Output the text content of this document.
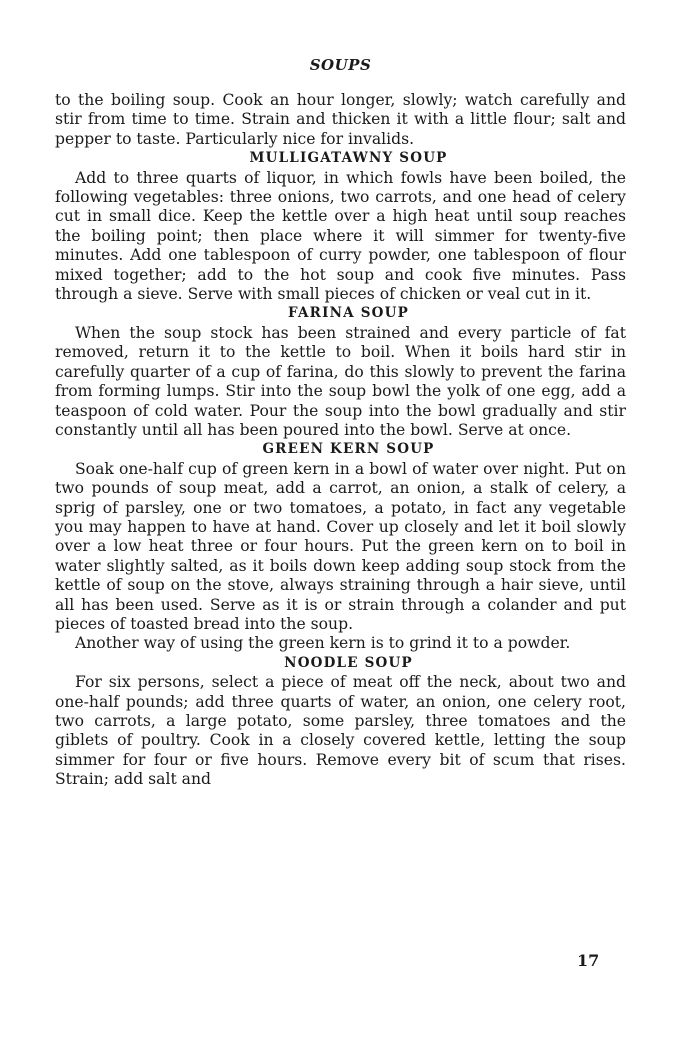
SOUPS

to the boiling soup. Cook an hour longer, slowly; watch carefully and stir from time to time. Strain and thicken it with a little flour; salt and pepper to taste. Particularly nice for invalids.

MULLIGATAWNY SOUP

Add to three quarts of liquor, in which fowls have been boiled, the following vegetables: three onions, two carrots, and one head of celery cut in small dice. Keep the kettle over a high heat until soup reaches the boiling point; then place where it will simmer for twenty-five minutes. Add one tablespoon of curry powder, one tablespoon of flour mixed together; add to the hot soup and cook five minutes. Pass through a sieve. Serve with small pieces of chicken or veal cut in it.

FARINA SOUP

When the soup stock has been strained and every particle of fat removed, return it to the kettle to boil. When it boils hard stir in carefully quarter of a cup of farina, do this slowly to prevent the farina from forming lumps. Stir into the soup bowl the yolk of one egg, add a teaspoon of cold water. Pour the soup into the bowl gradually and stir constantly until all has been poured into the bowl. Serve at once.

GREEN KERN SOUP

Soak one-half cup of green kern in a bowl of water over night. Put on two pounds of soup meat, add a carrot, an onion, a stalk of celery, a sprig of parsley, one or two tomatoes, a potato, in fact any vegetable you may happen to have at hand. Cover up closely and let it boil slowly over a low heat three or four hours. Put the green kern on to boil in water slightly salted, as it boils down keep adding soup stock from the kettle of soup on the stove, always straining through a hair sieve, until all has been used. Serve as it is or strain through a colander and put pieces of toasted bread into the soup.

Another way of using the green kern is to grind it to a powder.

NOODLE SOUP

For six persons, select a piece of meat off the neck, about two and one-half pounds; add three quarts of water, an onion, one celery root, two carrots, a large potato, some parsley, three tomatoes and the giblets of poultry. Cook in a closely covered kettle, letting the soup simmer for four or five hours. Remove every bit of scum that rises. Strain; add salt and

17
